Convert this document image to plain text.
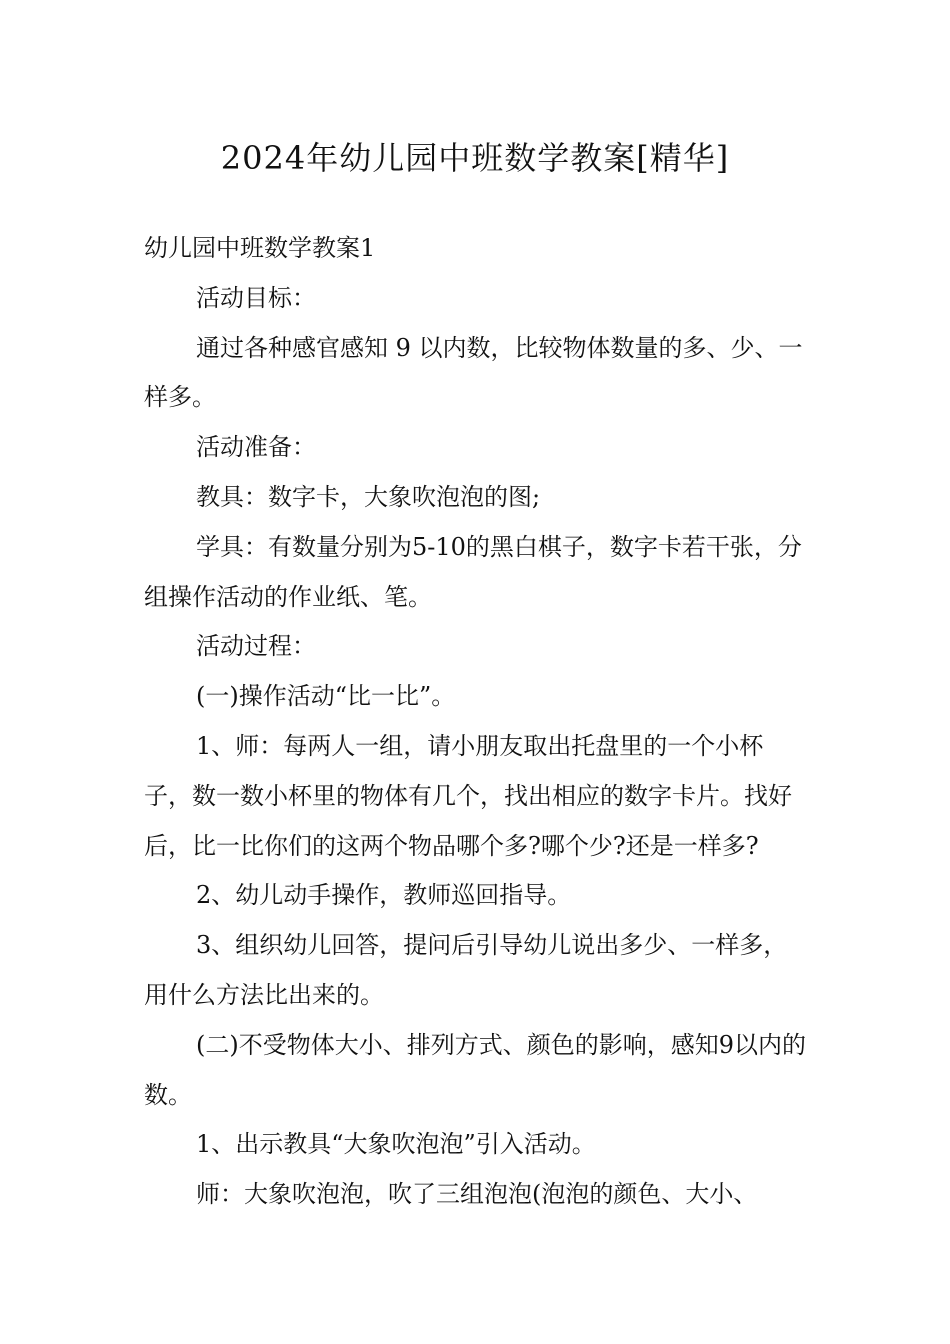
2024年幼儿园中班数学教案[精华]

幼儿园中班数学教案1

活动目标：

通过各种感官感知 9 以内数，比较物体数量的多、少、一样多。

活动准备：

教具：数字卡，大象吹泡泡的图;

学具：有数量分别为5-10的黑白棋子，数字卡若干张，分组操作活动的作业纸、笔。

活动过程：

(一)操作活动“比一比”。

1、师：每两人一组，请小朋友取出托盘里的一个小杯子，数一数小杯里的物体有几个，找出相应的数字卡片。找好后，比一比你们的这两个物品哪个多?哪个少?还是一样多?

2、幼儿动手操作，教师巡回指导。

3、组织幼儿回答，提问后引导幼儿说出多少、一样多，用什么方法比出来的。

(二)不受物体大小、排列方式、颜色的影响，感知9以内的数。

1、出示教具“大象吹泡泡”引入活动。

师：大象吹泡泡，吹了三组泡泡(泡泡的颜色、大小、
